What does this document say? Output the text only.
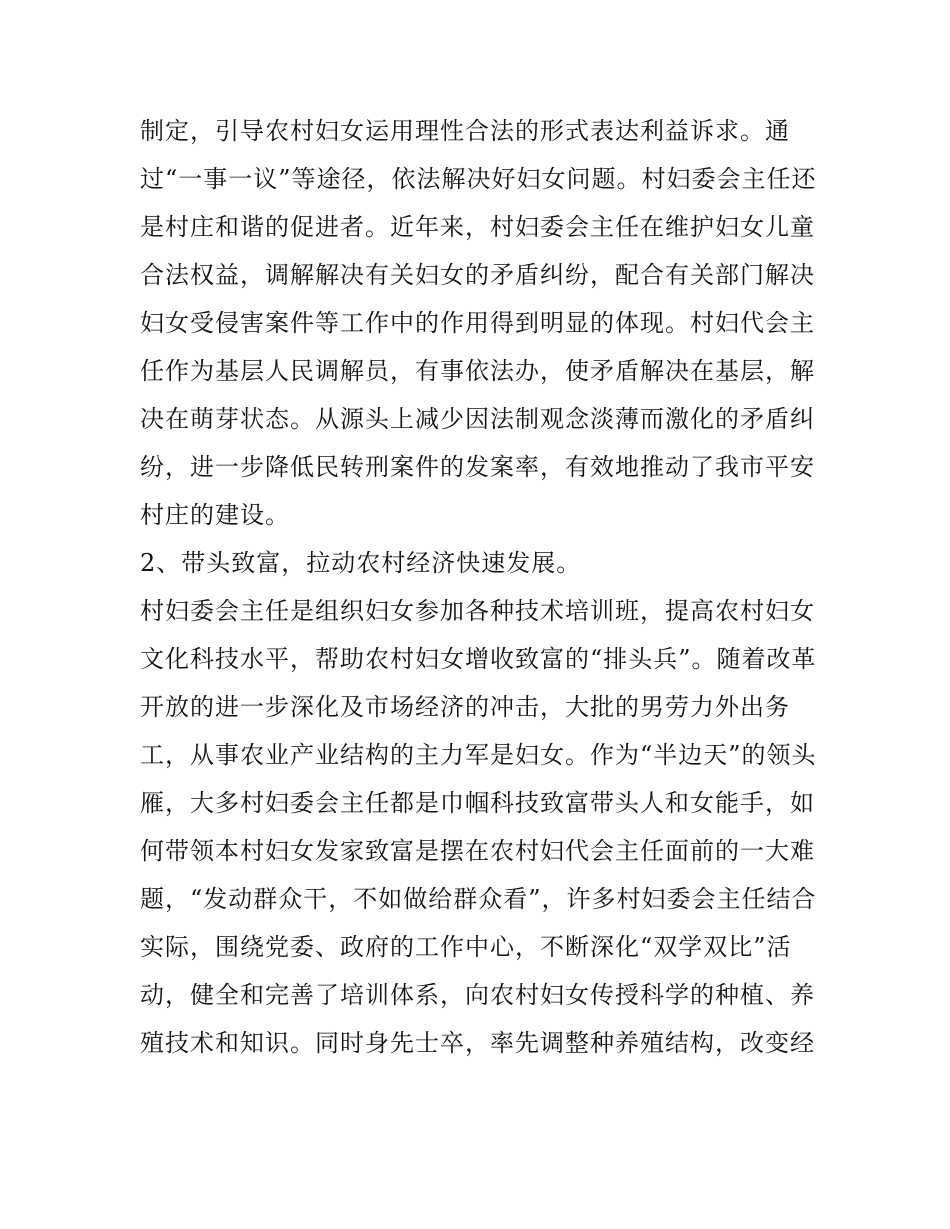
制定，引导农村妇女运用理性合法的形式表达利益诉求。通
过“一事一议”等途径，依法解决好妇女问题。村妇委会主任还
是村庄和谐的促进者。近年来，村妇委会主任在维护妇女儿童
合法权益，调解解决有关妇女的矛盾纠纷，配合有关部门解决
妇女受侵害案件等工作中的作用得到明显的体现。村妇代会主
任作为基层人民调解员，有事依法办，使矛盾解决在基层，解
决在萌芽状态。从源头上减少因法制观念淡薄而激化的矛盾纠
纷，进一步降低民转刑案件的发案率，有效地推动了我市平安
村庄的建设。
2、带头致富，拉动农村经济快速发展。
村妇委会主任是组织妇女参加各种技术培训班，提高农村妇女
文化科技水平，帮助农村妇女增收致富的“排头兵”。随着改革
开放的进一步深化及市场经济的冲击，大批的男劳力外出务
工，从事农业产业结构的主力军是妇女。作为“半边天”的领头
雁，大多村妇委会主任都是巾帼科技致富带头人和女能手，如
何带领本村妇女发家致富是摆在农村妇代会主任面前的一大难
题，“发动群众干，不如做给群众看”，许多村妇委会主任结合
实际，围绕党委、政府的工作中心，不断深化“双学双比”活
动，健全和完善了培训体系，向农村妇女传授科学的种植、养
殖技术和知识。同时身先士卒，率先调整种养殖结构，改变经
